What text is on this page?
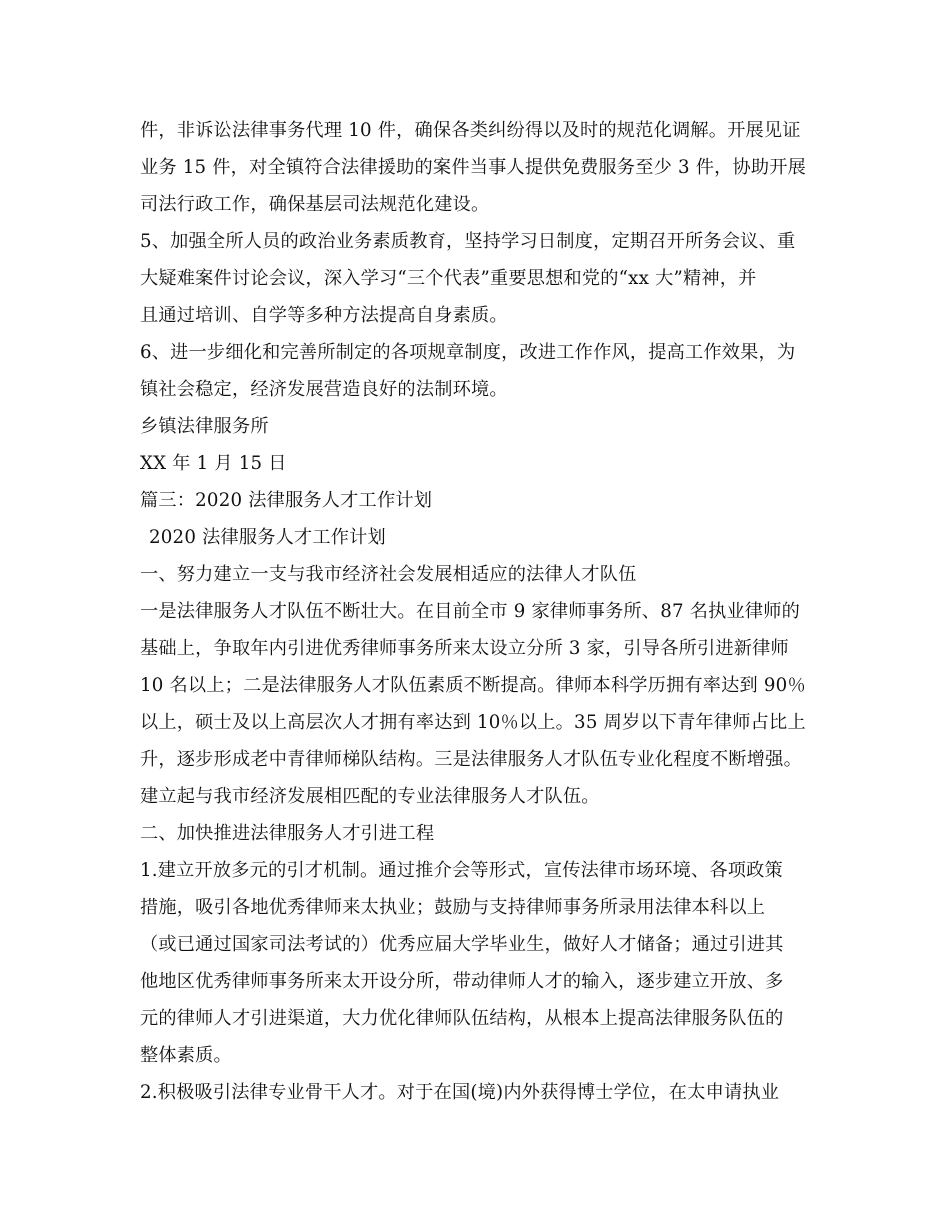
件，非诉讼法律事务代理 10 件，确保各类纠纷得以及时的规范化调解。开展见证
业务 15 件，对全镇符合法律援助的案件当事人提供免费服务至少 3 件，协助开展
司法行政工作，确保基层司法规范化建设。
5、加强全所人员的政治业务素质教育，坚持学习日制度，定期召开所务会议、重
大疑难案件讨论会议，深入学习“三个代表”重要思想和党的“xx 大”精神，并
且通过培训、自学等多种方法提高自身素质。
6、进一步细化和完善所制定的各项规章制度，改进工作作风，提高工作效果，为
镇社会稳定，经济发展营造良好的法制环境。
乡镇法律服务所
XX 年 1 月 15 日
篇三：2020 法律服务人才工作计划
2020 法律服务人才工作计划
一、努力建立一支与我市经济社会发展相适应的法律人才队伍
一是法律服务人才队伍不断壮大。在目前全市 9 家律师事务所、87 名执业律师的
基础上，争取年内引进优秀律师事务所来太设立分所 3 家，引导各所引进新律师
10 名以上；二是法律服务人才队伍素质不断提高。律师本科学历拥有率达到 90％
以上，硕士及以上高层次人才拥有率达到 10％以上。35 周岁以下青年律师占比上
升，逐步形成老中青律师梯队结构。三是法律服务人才队伍专业化程度不断增强。
建立起与我市经济发展相匹配的专业法律服务人才队伍。
二、加快推进法律服务人才引进工程
1.建立开放多元的引才机制。通过推介会等形式，宣传法律市场环境、各项政策
措施，吸引各地优秀律师来太执业；鼓励与支持律师事务所录用法律本科以上
（或已通过国家司法考试的）优秀应届大学毕业生，做好人才储备；通过引进其
他地区优秀律师事务所来太开设分所，带动律师人才的输入，逐步建立开放、多
元的律师人才引进渠道，大力优化律师队伍结构，从根本上提高法律服务队伍的
整体素质。
2.积极吸引法律专业骨干人才。对于在国(境)内外获得博士学位，在太申请执业
